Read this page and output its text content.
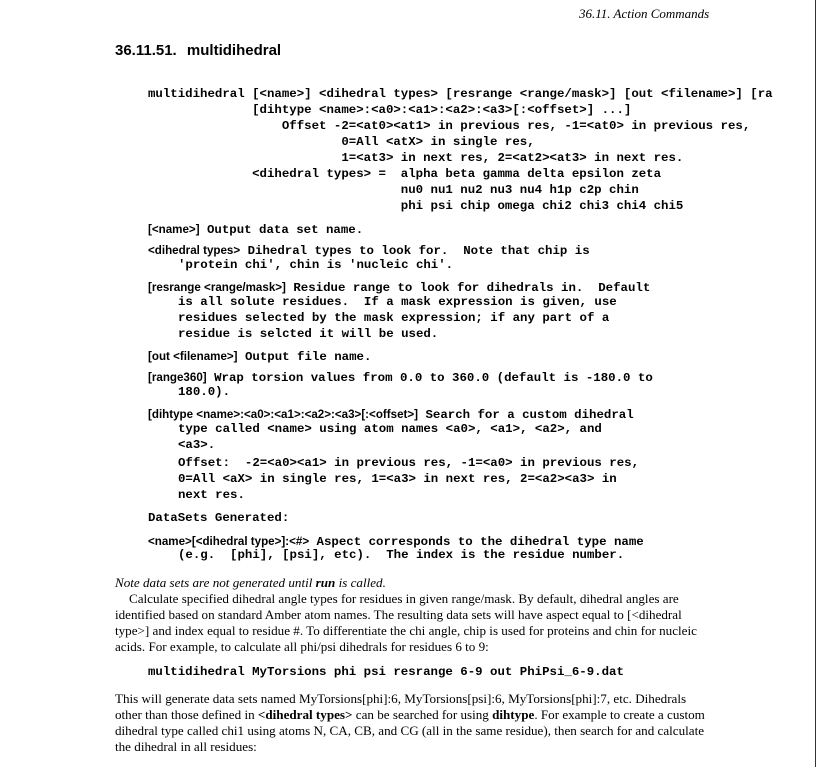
36.11. Action Commands
36.11.51. multidihedral
multidihedral [<name>] <dihedral types> [resrange <range/mask>] [out <filename>] [ra
[dihtype <name>:<a0>:<a1>:<a2>:<a3>[:<offset>] ...]
Offset -2=<at0><at1> in previous res, -1=<at0> in previous res,
0=All <atX> in single res,
1=<at3> in next res, 2=<at2><at3> in next res.
<dihedral types> =  alpha beta gamma delta epsilon zeta
nu0 nu1 nu2 nu3 nu4 h1p c2p chin
phi psi chip omega chi2 chi3 chi4 chi5
[<name>] Output data set name.
<dihedral types> Dihedral types to look for.  Note that chip is
'protein chi', chin is 'nucleic chi'.
[resrange <range/mask>] Residue range to look for dihedrals in.  Default
is all solute residues.  If a mask expression is given, use
residues selected by the mask expression; if any part of a
residue is selcted it will be used.
[out <filename>] Output file name.
[range360] Wrap torsion values from 0.0 to 360.0 (default is -180.0 to
180.0).
[dihtype <name>:<a0>:<a1>:<a2>:<a3>[:<offset>] Search for a custom dihedral
type called <name> using atom names <a0>, <a1>, <a2>, and
<a3>.
Offset:  -2=<a0><a1> in previous res, -1=<a0> in previous res,
0=All <aX> in single res, 1=<a3> in next res, 2=<a2><a3> in
next res.
DataSets Generated:
<name>[<dihedral type>]:<#> Aspect corresponds to the dihedral type name
(e.g.  [phi], [psi], etc).  The index is the residue number.

Note data sets are not generated until run is called.

Calculate specified dihedral angle types for residues in given range/mask. By default, dihedral angles are

identified based on standard Amber atom names. The resulting data sets will have aspect equal to [<dihedral

type>] and index equal to residue #. To differentiate the chi angle, chip is used for proteins and chin for nucleic

acids. For example, to calculate all phi/psi dihedrals for residues 6 to 9:

multidihedral MyTorsions phi psi resrange 6-9 out PhiPsi_6-9.dat

This will generate data sets named MyTorsions[phi]:6, MyTorsions[psi]:6, MyTorsions[phi]:7, etc. Dihedrals

other than those defined in <dihedral types> can be searched for using dihtype. For example to create a custom

dihedral type called chi1 using atoms N, CA, CB, and CG (all in the same residue), then search for and calculate

the dihedral in all residues:
